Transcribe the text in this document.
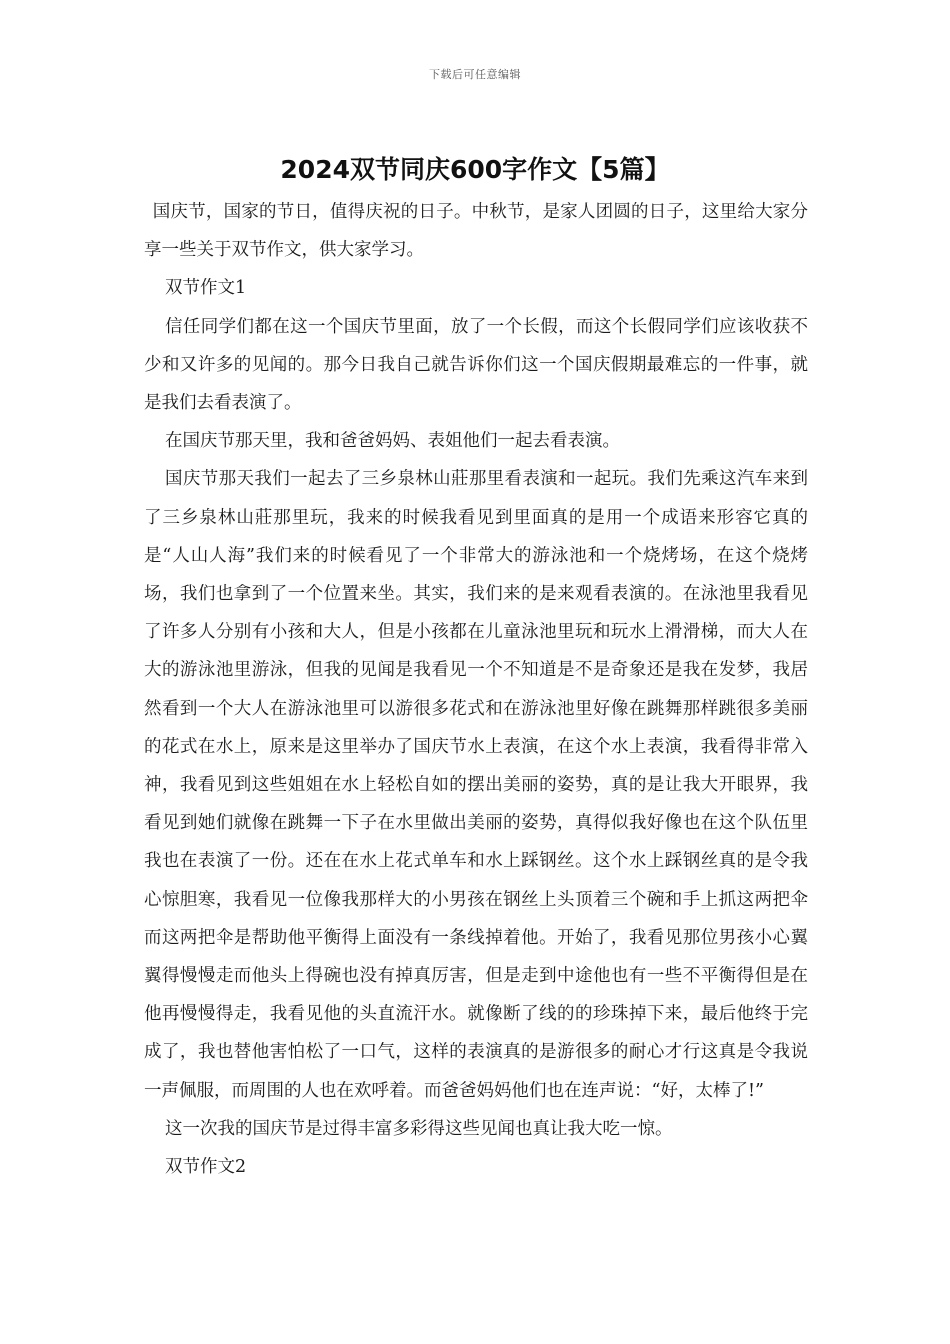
下载后可任意编辑
2024双节同庆600字作文【5篇】

国庆节，国家的节日，值得庆祝的日子。中秋节，是家人团圆的日子，这里给大家分享一些关于双节作文，供大家学习。

双节作文1

信任同学们都在这一个国庆节里面，放了一个长假，而这个长假同学们应该收获不少和又许多的见闻的。那今日我自己就告诉你们这一个国庆假期最难忘的一件事，就是我们去看表演了。

在国庆节那天里，我和爸爸妈妈、表姐他们一起去看表演。

国庆节那天我们一起去了三乡泉林山莊那里看表演和一起玩。我们先乘这汽车来到了三乡泉林山莊那里玩，我来的时候我看见到里面真的是用一个成语来形容它真的是“人山人海”我们来的时候看见了一个非常大的游泳池和一个烧烤场，在这个烧烤场，我们也拿到了一个位置来坐。其实，我们来的是来观看表演的。在泳池里我看见了许多人分别有小孩和大人，但是小孩都在儿童泳池里玩和玩水上滑滑梯，而大人在大的游泳池里游泳，但我的见闻是我看见一个不知道是不是奇象还是我在发梦，我居然看到一个大人在游泳池里可以游很多花式和在游泳池里好像在跳舞那样跳很多美丽的花式在水上，原来是这里举办了国庆节水上表演，在这个水上表演，我看得非常入神，我看见到这些姐姐在水上轻松自如的摆出美丽的姿势，真的是让我大开眼界，我看见到她们就像在跳舞一下子在水里做出美丽的姿势，真得似我好像也在这个队伍里我也在表演了一份。还在在水上花式单车和水上踩钢丝。这个水上踩钢丝真的是令我心惊胆寒，我看见一位像我那样大的小男孩在钢丝上头顶着三个碗和手上抓这两把伞而这两把伞是帮助他平衡得上面没有一条线掉着他。开始了，我看见那位男孩小心翼翼得慢慢走而他头上得碗也没有掉真厉害，但是走到中途他也有一些不平衡得但是在他再慢慢得走，我看见他的头直流汗水。就像断了线的的珍珠掉下来，最后他终于完成了，我也替他害怕松了一口气，这样的表演真的是游很多的耐心才行这真是令我说一声佩服，而周围的人也在欢呼着。而爸爸妈妈他们也在连声说：“好，太棒了!”

这一次我的国庆节是过得丰富多彩得这些见闻也真让我大吃一惊。

双节作文2
